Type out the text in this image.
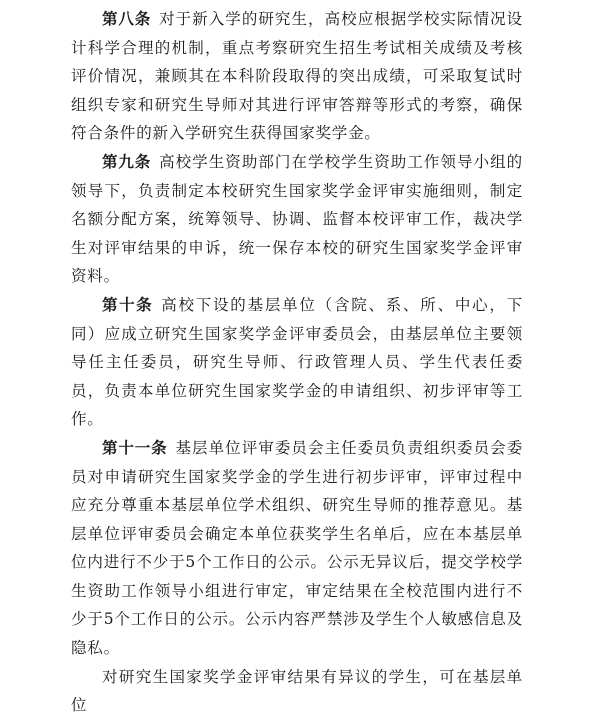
第八条 对于新入学的研究生，高校应根据学校实际情况设计科学合理的机制，重点考察研究生招生考试相关成绩及考核评价情况，兼顾其在本科阶段取得的突出成绩，可采取复试时组织专家和研究生导师对其进行评审答辩等形式的考察，确保符合条件的新入学研究生获得国家奖学金。

第九条 高校学生资助部门在学校学生资助工作领导小组的领导下，负责制定本校研究生国家奖学金评审实施细则，制定名额分配方案，统筹领导、协调、监督本校评审工作，裁决学生对评审结果的申诉，统一保存本校的研究生国家奖学金评审资料。

第十条 高校下设的基层单位（含院、系、所、中心，下同）应成立研究生国家奖学金评审委员会，由基层单位主要领导任主任委员，研究生导师、行政管理人员、学生代表任委员，负责本单位研究生国家奖学金的申请组织、初步评审等工作。

第十一条 基层单位评审委员会主任委员负责组织委员会委员对申请研究生国家奖学金的学生进行初步评审，评审过程中应充分尊重本基层单位学术组织、研究生导师的推荐意见。基层单位评审委员会确定本单位获奖学生名单后，应在本基层单位内进行不少于5个工作日的公示。公示无异议后，提交学校学生资助工作领导小组进行审定，审定结果在全校范围内进行不少于5个工作日的公示。公示内容严禁涉及学生个人敏感信息及隐私。

对研究生国家奖学金评审结果有异议的学生，可在基层单位
